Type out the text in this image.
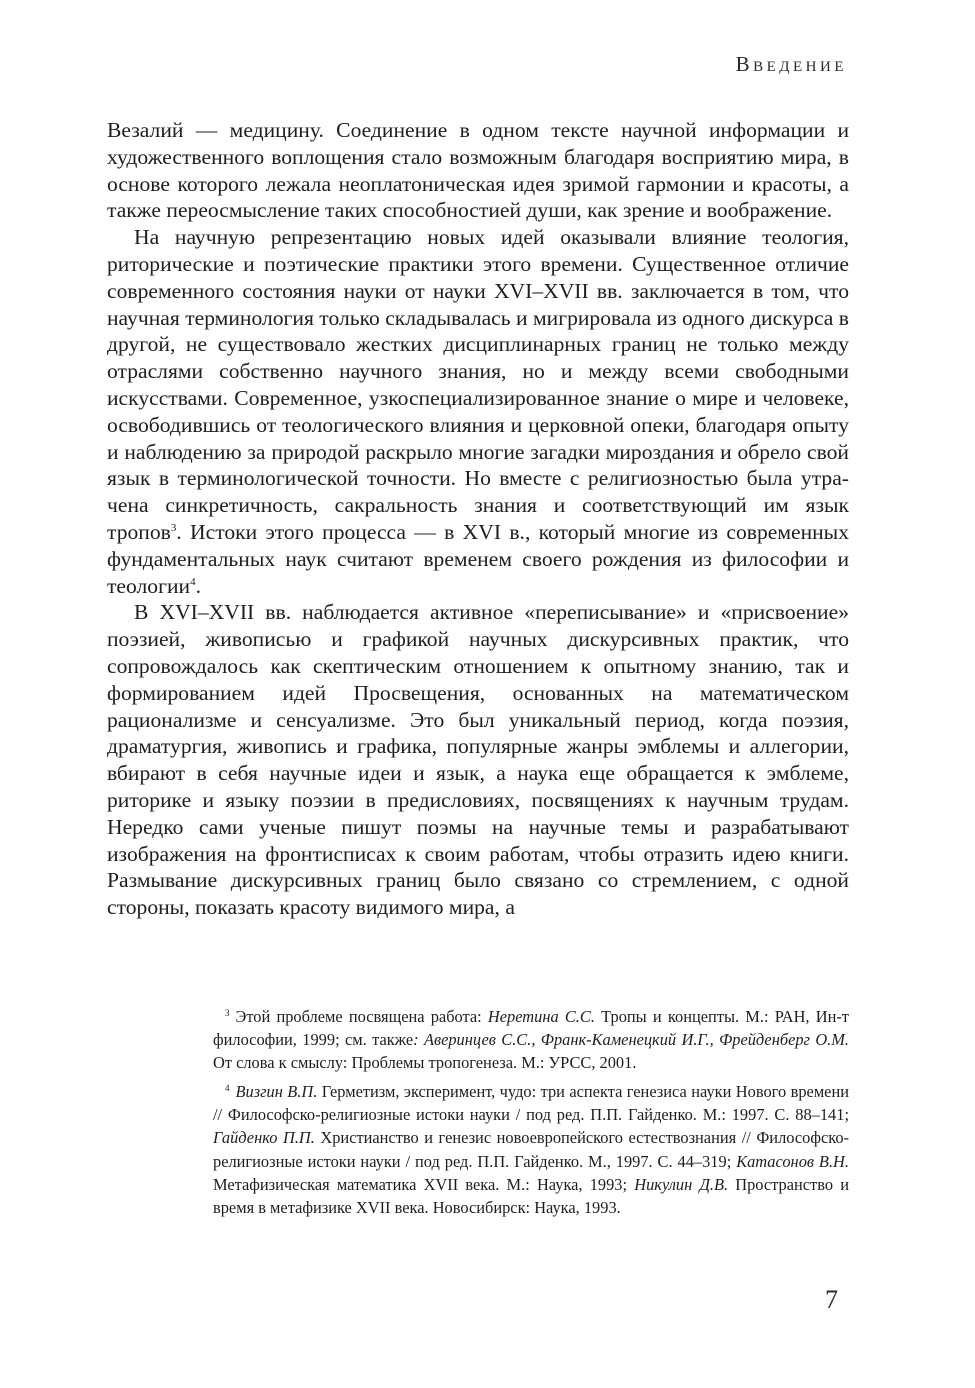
Введение

Везалий — медицину. Соединение в одном тексте научной информации и художественного воплощения стало возможным благодаря восприятию мира, в основе которого лежала неоплатоническая идея зримой гармонии и красоты, а также переосмысление таких способностией души, как зрение и воображение.

На научную репрезентацию новых идей оказывали влияние теология, риторические и поэтические практики этого времени. Существенное отличие современного состояния науки от науки XVI–XVII вв. заключается в том, что научная терминология только складывалась и мигрировала из одного дискурса в другой, не существовало жестких дисциплинарных границ не только между отраслями собственно научного знания, но и между всеми свободными искусствами. Современное, узкоспециализированное знание о мире и человеке, освободившись от теологического влияния и церковной опеки, благодаря опыту и наблюдению за природой раскрыло многие загадки мироздания и обрело свой язык в терминологической точности. Но вместе с религиозностью была утрачена синкретичность, сакральность знания и соответствующий им язык тропов$^3$. Истоки этого процесса — в XVI в., который многие из современных фундаментальных наук считают временем своего рождения из философии и теологии$^4$.

В XVI–XVII вв. наблюдается активное «переписывание» и «присвоение» поэзией, живописью и графикой научных дискурсивных практик, что сопровождалось как скептическим отношением к опытному знанию, так и формированием идей Просвещения, основанных на математическом рационализме и сенсуализме. Это был уникальный период, когда поэзия, драматургия, живопись и графика, популярные жанры эмблемы и аллегории, вбирают в себя научные идеи и язык, а наука еще обращается к эмблеме, риторике и языку поэзии в предисловиях, посвящениях к научным трудам. Нередко сами ученые пишут поэмы на научные темы и разрабатывают изображения на фронтисписах к своим работам, чтобы отразить идею книги. Размывание дискурсивных границ было связано со стремлением, с одной стороны, показать красоту видимого мира, а

$^3$ Этой проблеме посвящена работа: Неретина С.С. Тропы и концепты. М.: РАН, Ин-т философии, 1999; см. также: Аверинцев С.С., Франк-Каменецкий И.Г., Фрейденберг О.М. От слова к смыслу: Проблемы тропогенеза. М.: УРСС, 2001.

$^4$ Визгин В.П. Герметизм, эксперимент, чудо: три аспекта генезиса науки Нового времени // Философско-религиозные истоки науки / под ред. П.П. Гайденко. М.: 1997. С. 88–141; Гайденко П.П. Христианство и генезис новоевропейского естествознания // Философско-религиозные истоки науки / под ред. П.П. Гайденко. М., 1997. С. 44–319; Катасонов В.Н. Метафизическая математика XVII века. М.: Наука, 1993; Никулин Д.В. Пространство и время в метафизике XVII века. Новосибирск: Наука, 1993.

7
